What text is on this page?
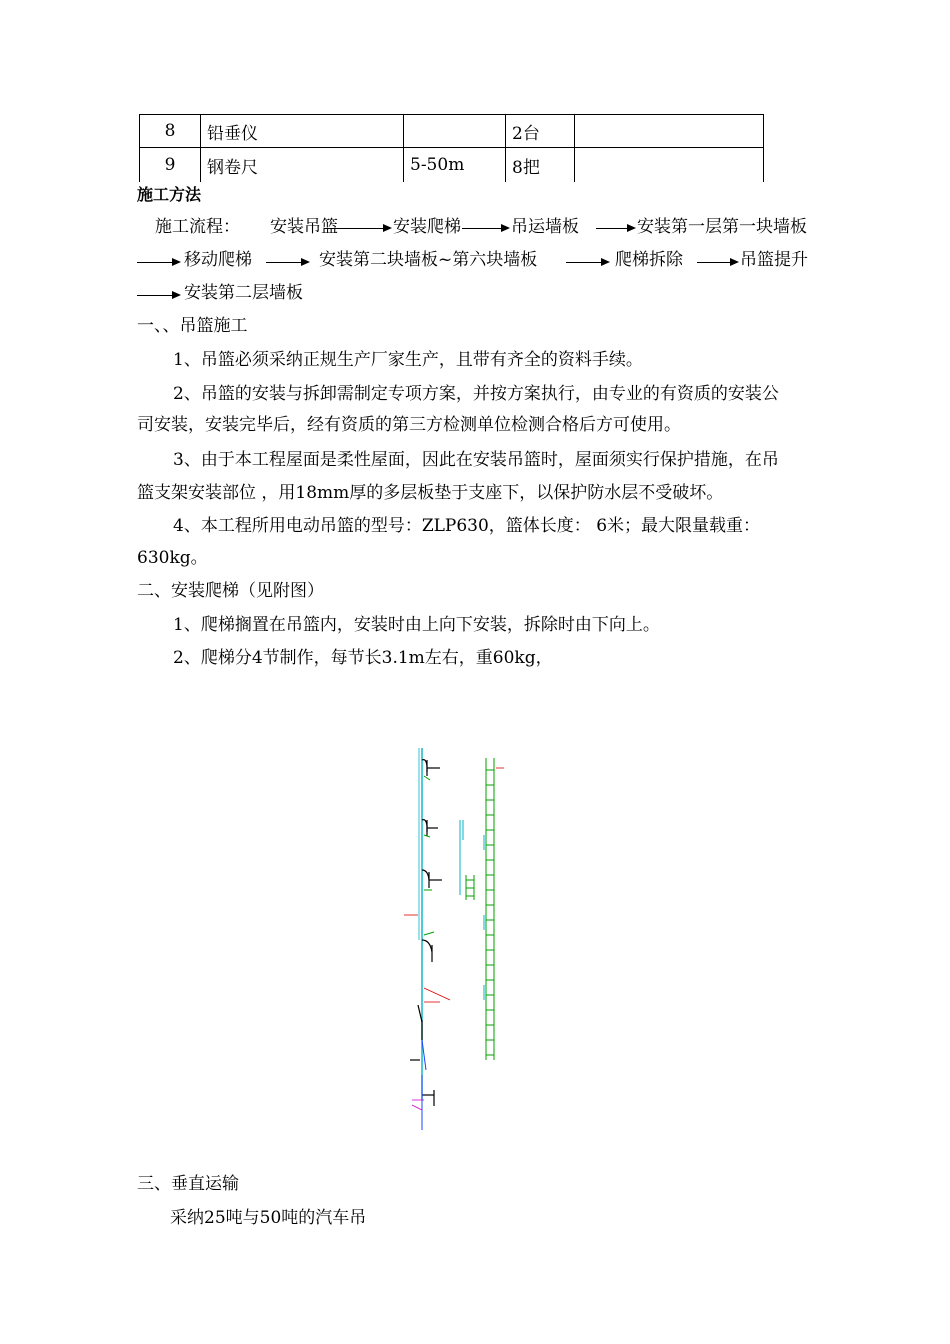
8	铅垂仪		2台	
9	钢卷尺	5-50m	8把	
施工方法
施工流程： 安装吊篮	安装爬梯	吊运墙板	安装第一层第一块墙板
移动爬梯	安装第二块墙板~第六块墙板	爬梯拆除	吊篮提升
安装第二层墙板
一、、吊篮施工
1、吊篮必须采纳正规生产厂家生产，且带有齐全的资料手续。
2、吊篮的安装与拆卸需制定专项方案，并按方案执行，由专业的有资质的安装公
司安装，安装完毕后，经有资质的第三方检测单位检测合格后方可使用。
3、由于本工程屋面是柔性屋面，因此在安装吊篮时，屋面须实行保护措施，在吊
篮支架安装部位 ，用18mm厚的多层板垫于支座下，以保护防水层不受破坏。
4、本工程所用电动吊篮的型号：ZLP630，篮体长度： 6米；最大限量载重：
630kg。
二、安装爬梯（见附图）
1、爬梯搁置在吊篮内，安装时由上向下安装，拆除时由下向上。
2、爬梯分4节制作，每节长3.1m左右，重60kg，
三、垂直运输
采纳25吨与50吨的汽车吊
